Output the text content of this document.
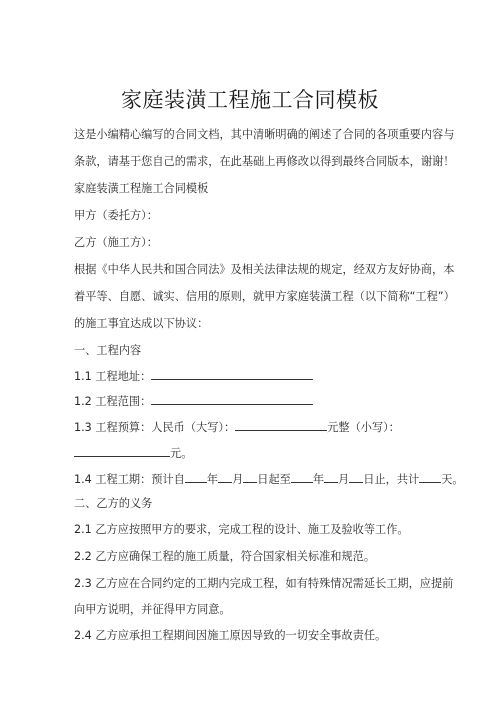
家庭装潢工程施工合同模板
这是小编精心编写的合同文档，其中清晰明确的阐述了合同的各项重要内容与
条款，请基于您自己的需求，在此基础上再修改以得到最终合同版本，谢谢！
家庭装潢工程施工合同模板
甲方（委托方）：
乙方（施工方）：
根据《中华人民共和国合同法》及相关法律法规的规定，经双方友好协商，本
着平等、自愿、诚实、信用的原则，就甲方家庭装潢工程（以下简称“工程”）
的施工事宜达成以下协议：
一、工程内容
1.1 工程地址：
1.2 工程范围：
1.3 工程预算：人民币（大写）：	元整（小写）：
元。
1.4 工程工期：预计自 年 月 日起至 年 月 日止，共计 天。
二、乙方的义务
2.1 乙方应按照甲方的要求，完成工程的设计、施工及验收等工作。
2.2 乙方应确保工程的施工质量，符合国家相关标准和规范。
2.3 乙方应在合同约定的工期内完成工程，如有特殊情况需延长工期，应提前
向甲方说明，并征得甲方同意。
2.4 乙方应承担工程期间因施工原因导致的一切安全事故责任。
